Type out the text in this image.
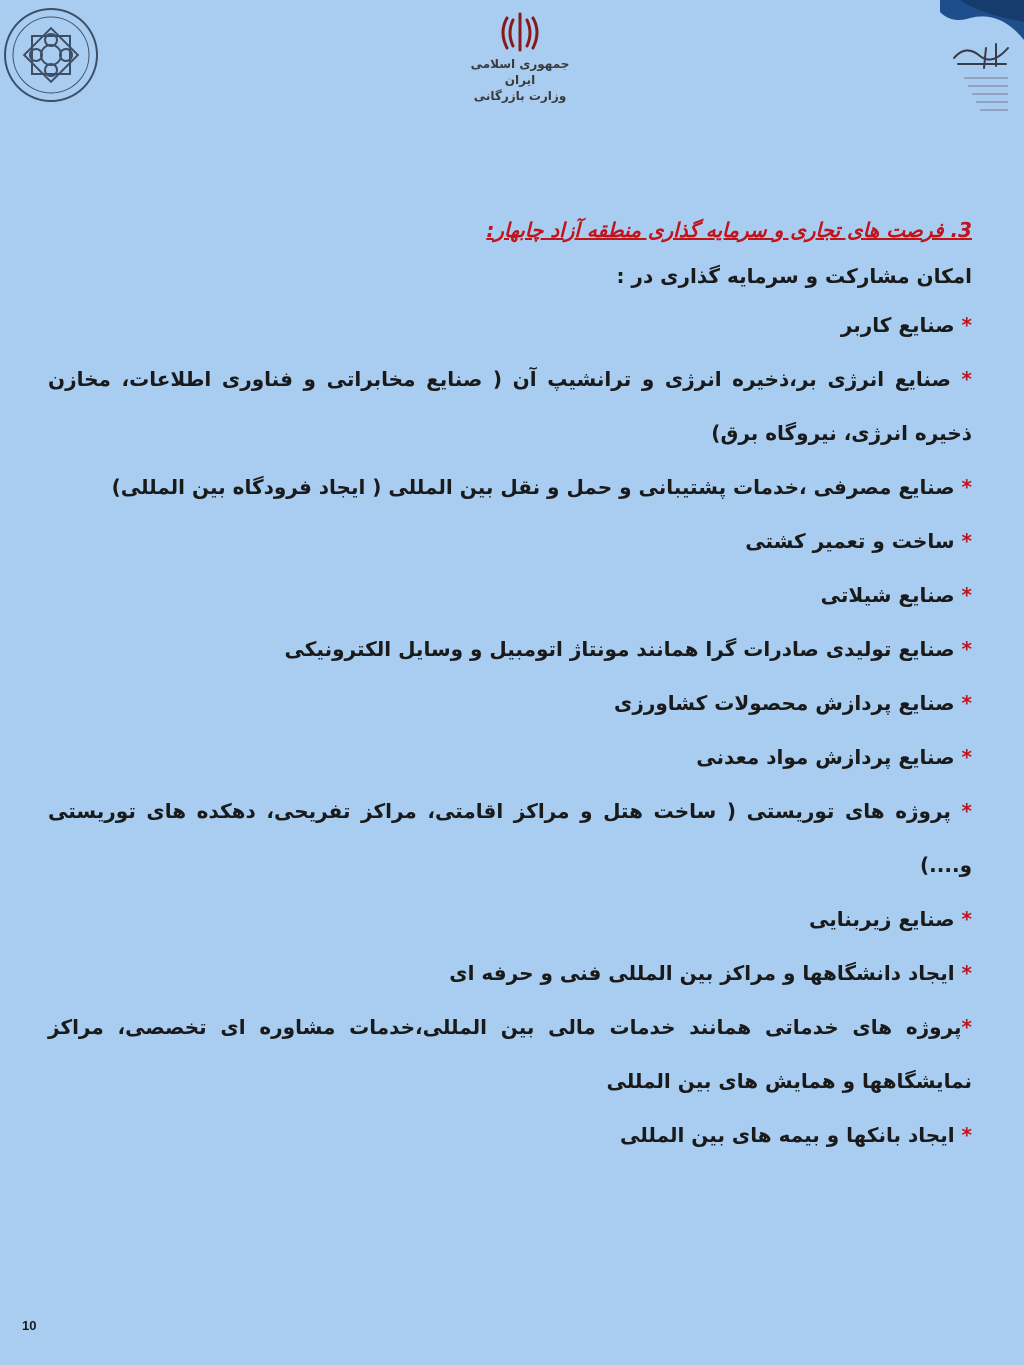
جمهوری اسلامی ایران
وزارت بازرگانی

3. فرصت های تجاری و سرمایه گذاری منطقه آزاد چابهار:

امکان مشارکت و سرمایه گذاری در :

* صنایع کاربر

* صنایع انرژی بر،ذخیره انرژی و ترانشیپ آن ( صنایع مخابراتی و فناوری اطلاعات، مخازن ذخیره انرژی، نیروگاه برق)

* صنایع مصرفی ،خدمات پشتیبانی و حمل و نقل بین المللی ( ایجاد فرودگاه بین المللی)

* ساخت و تعمیر کشتی

* صنایع شیلاتی

* صنایع تولیدی صادرات گرا همانند مونتاژ اتومبیل و وسایل الکترونیکی

* صنایع پردازش محصولات کشاورزی

* صنایع پردازش مواد معدنی

* پروژه های توریستی ( ساخت هتل و مراکز اقامتی، مراکز تفریحی، دهکده های توریستی و....)

* صنایع زیربنایی

* ایجاد دانشگاهها و مراکز بین المللی فنی و حرفه ای

*پروژه های خدماتی همانند خدمات مالی بین المللی،خدمات مشاوره ای تخصصی، مراکز نمایشگاهها و همایش های بین المللی

* ایجاد بانکها و بیمه های بین المللی

10
